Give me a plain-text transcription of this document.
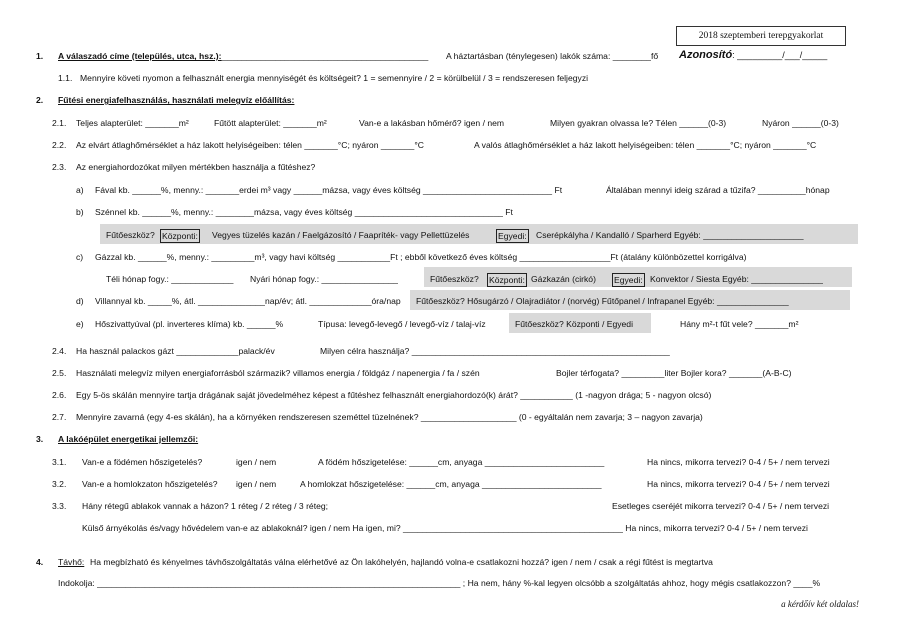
2018 szeptemberi terepgyakorlat
Azonosító: _________/___/_____
1. A válaszadó címe (település, utca, hsz.):
____________________________________________ A háztartásban (ténylegesen) lakók száma: ________fő
1.1. Mennyire követi nyomon a felhasznált energia mennyiségét és költségeit? 1 = semennyire / 2 = körülbelül / 3 = rendszeresen feljegyzi
2. Fűtési energiafelhasználás, használati melegvíz előállítás:
2.1. Teljes alapterület: _______m²	Fűtött alapterület: _______m²	Van-e a lakásban hőmérő? igen / nem	Milyen gyakran olvassa le? Télen ______(0-3)	Nyáron ______(0-3)
2.2. Az elvárt átlaghőmérséklet a ház lakott helyiségeiben: télen _______°C; nyáron _______°C	A valós átlaghőmérséklet a ház lakott helyiségeiben: télen _______°C; nyáron _______°C
2.3. Az energiahordozókat milyen mértékben használja a fűtéshez?
a) Fával kb. ______%, menny.: _______erdei m³ vagy ______mázsa, vagy éves költség ___________________________ Ft	Általában mennyi ideig szárad a tűzifa? __________hónap
b) Szénnel kb. ______%, menny.: ________mázsa, vagy éves költség _______________________________ Ft
Fűtőeszköz? Központi: Vegyes tüzelés kazán / Faelgázosító / Faapríték- vagy Pellettüzelés	Egyedi: Cserépkályha / Kandalló / Sparherd Egyéb: _____________________
c) Gázzal kb. ______%, menny.: _________m³, vagy havi költség ___________Ft ; ebből következő éves költség ___________________Ft (átalány különbözettel korrigálva)
Téli hónap fogy.: _____________ Nyári hónap fogy.: ________________	Fűtőeszköz? Központi: Gázkazán (cirkó) Egyedi: Konvektor / Siesta Egyéb: _______________
d) Villannyal kb. _____%, átl. ______________nap/év; átl. _____________óra/nap Fűtőeszköz? Hősugárzó / Olajradiátor / (norvég) Fűtőpanel / Infrapanel Egyéb: _______________
e) Hőszivattyúval (pl. inverteres klíma) kb. ______%	Típusa: levegő-levegő / levegő-víz / talaj-víz	Fűtőeszköz? Központi / Egyedi	Hány m²-t fűt vele? _______m²
2.4. Ha használ palackos gázt _____________palack/év	Milyen célra használja? ______________________________________________________
2.5. Használati melegvíz milyen energiaforrásból származik? villamos energia / földgáz / napenergia / fa / szén	Bojler térfogata? _________liter Bojler kora? _______(A-B-C)
2.6. Egy 5-ös skálán mennyire tartja drágának saját jövedelméhez képest a fűtéshez felhasznált energiahordozó(k) árát? ___________ (1 -nagyon drága; 5 - nagyon olcsó)
2.7. Mennyire zavarná (egy 4-es skálán), ha a környéken rendszeresen szeméttel tüzelnének? ____________________ (0 - egyáltalán nem zavarja; 3 – nagyon zavarja)
3. A lakóépület energetikai jellemzői:
3.1. Van-e a födémen hőszigetelés?	igen / nem	A födém hőszigetelése: ______cm, anyaga _________________________	Ha nincs, mikorra tervezi? 0-4 / 5+ / nem tervezi
3.2. Van-e a homlokzaton hőszigetelés? igen / nem	A homlokzat hőszigetelése: ______cm, anyaga _________________________	Ha nincs, mikorra tervezi? 0-4 / 5+ / nem tervezi
3.3. Hány rétegű ablakok vannak a házon? 1 réteg / 2 réteg / 3 réteg;	Esetleges cseréjét mikorra tervezi? 0-4 / 5+ / nem tervezi
Külső árnyékolás és/vagy hővédelem van-e az ablakoknál? igen / nem Ha igen, mi? ______________________________________________ Ha nincs, mikorra tervezi? 0-4 / 5+ / nem tervezi
4. Távhő: Ha megbízható és kényelmes távhőszolgáltatás válna elérhetővé az Ön lakóhelyén, hajlandó volna-e csatlakozni hozzá? igen / nem / csak a régi fűtést is megtartva
Indokolja: ____________________________________________________________________________ ; Ha nem, hány %-kal legyen olcsóbb a szolgáltatás ahhoz, hogy mégis csatlakozzon? ____%
a kérdőív két oldalas!
